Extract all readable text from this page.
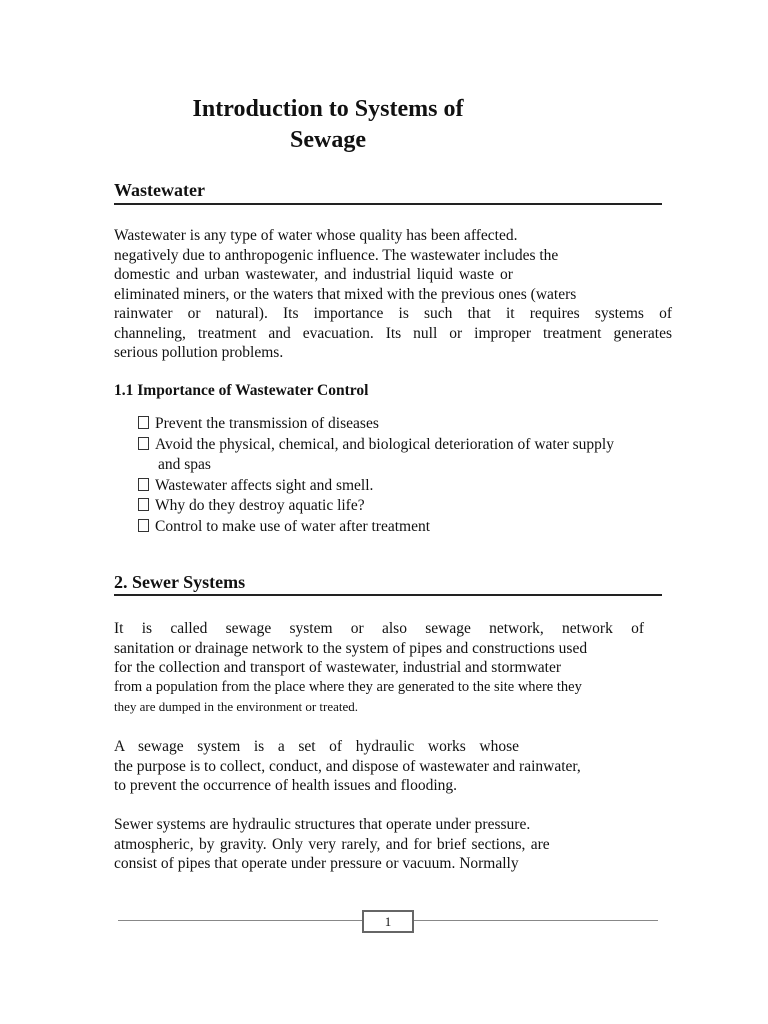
Introduction to Systems of
Sewage
Wastewater
Wastewater is any type of water whose quality has been affected.
negatively due to anthropogenic influence. The wastewater includes the
domestic and urban wastewater, and industrial liquid waste or
eliminated miners, or the waters that mixed with the previous ones (waters
rainwater or natural). Its importance is such that it requires systems of
channeling, treatment and evacuation. Its null or improper treatment generates
serious pollution problems.
1.1 Importance of Wastewater Control
Prevent the transmission of diseases
Avoid the physical, chemical, and biological deterioration of water supply
and spas
Wastewater affects sight and smell.
Why do they destroy aquatic life?
Control to make use of water after treatment
2. Sewer Systems
It is called sewage system or also sewage network, network of
sanitation or drainage network to the system of pipes and constructions used
for the collection and transport of wastewater, industrial and stormwater
from a population from the place where they are generated to the site where they
they are dumped in the environment or treated.
A sewage system is a set of hydraulic works whose
the purpose is to collect, conduct, and dispose of wastewater and rainwater,
to prevent the occurrence of health issues and flooding.
Sewer systems are hydraulic structures that operate under pressure.
atmospheric, by gravity. Only very rarely, and for brief sections, are
consist of pipes that operate under pressure or vacuum. Normally
1
